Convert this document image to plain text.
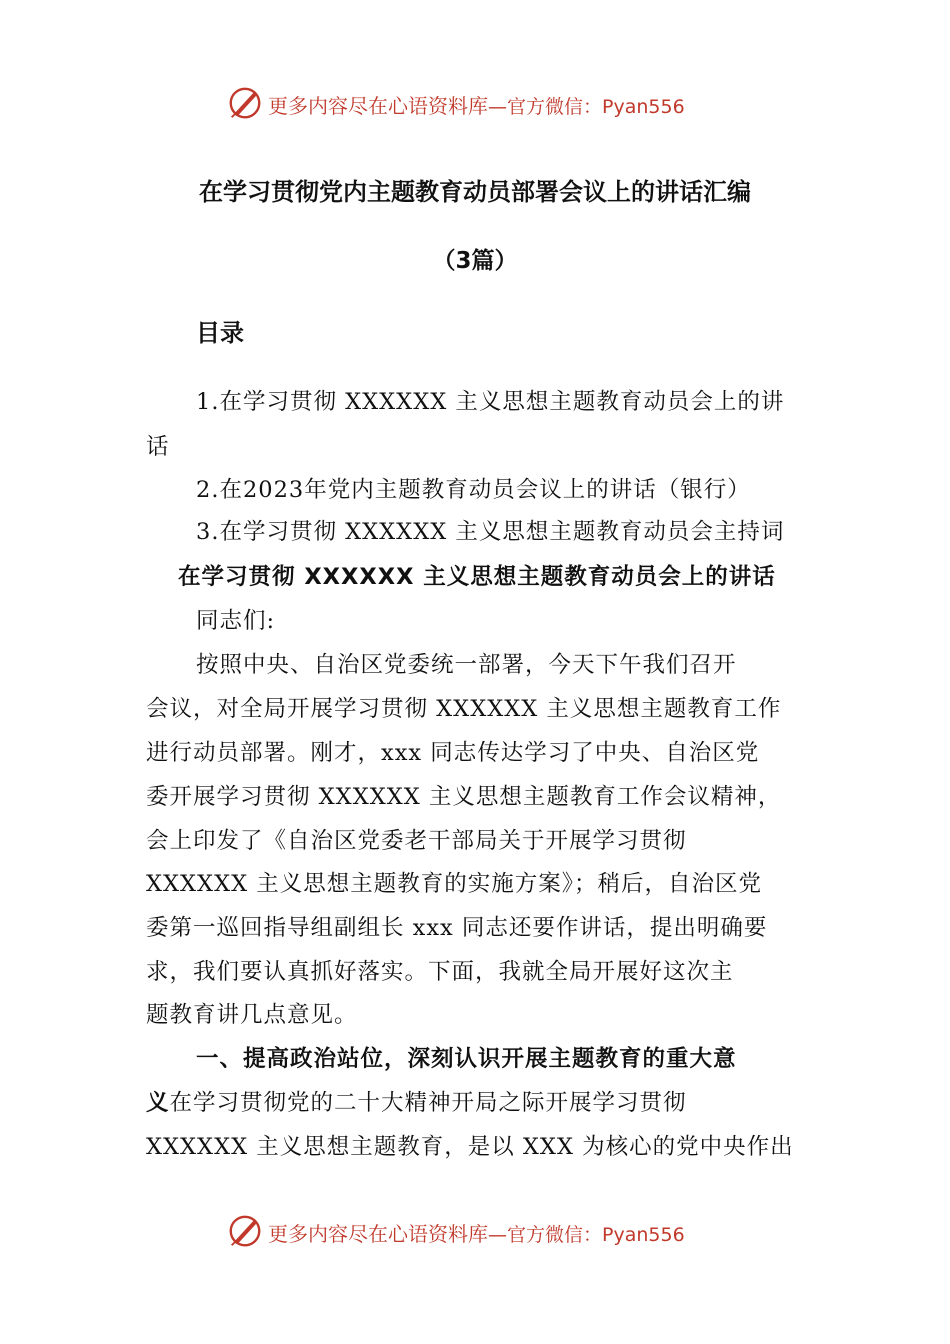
更多内容尽在心语资料库—官方微信：Pyan556
在学习贯彻党内主题教育动员部署会议上的讲话汇编
（3篇）
目录
1.在学习贯彻 XXXXXX 主义思想主题教育动员会上的讲
话
2.在2023年党内主题教育动员会议上的讲话（银行）
3.在学习贯彻 XXXXXX 主义思想主题教育动员会主持词
在学习贯彻 XXXXXX 主义思想主题教育动员会上的讲话
同志们:
按照中央、自治区党委统一部署，今天下午我们召开
会议，对全局开展学习贯彻 XXXXXX 主义思想主题教育工作
进行动员部署。刚才，xxx 同志传达学习了中央、自治区党
委开展学习贯彻 XXXXXX 主义思想主题教育工作会议精神，
会上印发了《自治区党委老干部局关于开展学习贯彻
XXXXXX 主义思想主题教育的实施方案》；稍后，自治区党
委第一巡回指导组副组长 xxx 同志还要作讲话，提出明确要
求，我们要认真抓好落实。下面，我就全局开展好这次主
题教育讲几点意见。
一、提高政治站位，深刻认识开展主题教育的重大意
义在学习贯彻党的二十大精神开局之际开展学习贯彻
XXXXXX 主义思想主题教育，是以 XXX 为核心的党中央作出
更多内容尽在心语资料库—官方微信：Pyan556
